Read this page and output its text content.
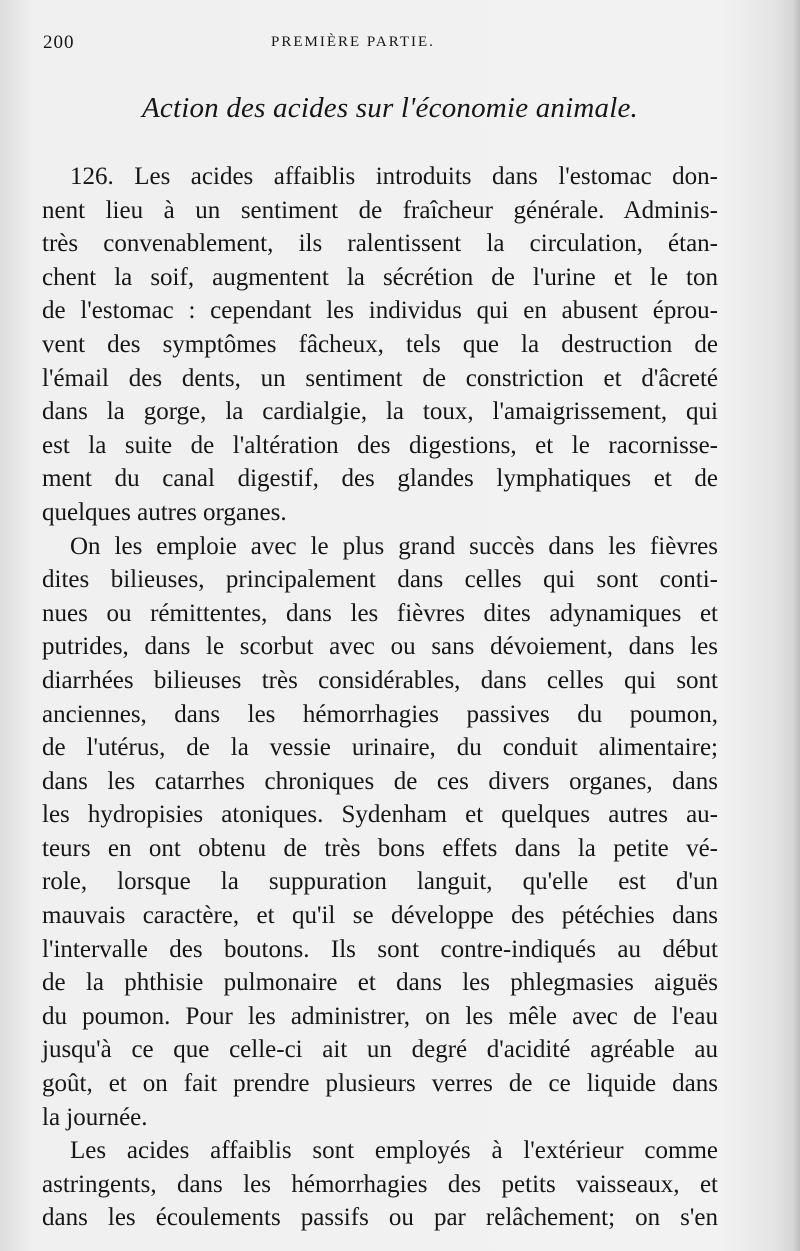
200	PREMIÈRE PARTIE.
Action des acides sur l'économie animale.

126. Les acides affaiblis introduits dans l'estomac don-
nent lieu à un sentiment de fraîcheur générale. Adminis-
très convenablement, ils ralentissent la circulation, étan-
chent la soif, augmentent la sécrétion de l'urine et le ton
de l'estomac : cependant les individus qui en abusent éprou-
vent des symptômes fâcheux, tels que la destruction de
l'émail des dents, un sentiment de constriction et d'âcreté
dans la gorge, la cardialgie, la toux, l'amaigrissement, qui
est la suite de l'altération des digestions, et le racornisse-
ment du canal digestif, des glandes lymphatiques et de
quelques autres organes.

On les emploie avec le plus grand succès dans les fièvres
dites bilieuses, principalement dans celles qui sont conti-
nues ou rémittentes, dans les fièvres dites adynamiques et
putrides, dans le scorbut avec ou sans dévoiement, dans les
diarrhées bilieuses très considérables, dans celles qui sont
anciennes, dans les hémorrhagies passives du poumon,
de l'utérus, de la vessie urinaire, du conduit alimentaire;
dans les catarrhes chroniques de ces divers organes, dans
les hydropisies atoniques. Sydenham et quelques autres au-
teurs en ont obtenu de très bons effets dans la petite vé-
role, lorsque la suppuration languit, qu'elle est d'un
mauvais caractère, et qu'il se développe des pétéchies dans
l'intervalle des boutons. Ils sont contre-indiqués au début
de la phthisie pulmonaire et dans les phlegmasies aiguës
du poumon. Pour les administrer, on les mêle avec de l'eau
jusqu'à ce que celle-ci ait un degré d'acidité agréable au
goût, et on fait prendre plusieurs verres de ce liquide dans
la journée.

Les acides affaiblis sont employés à l'extérieur comme
astringents, dans les hémorrhagies des petits vaisseaux, et
dans les écoulements passifs ou par relâchement; on s'en
